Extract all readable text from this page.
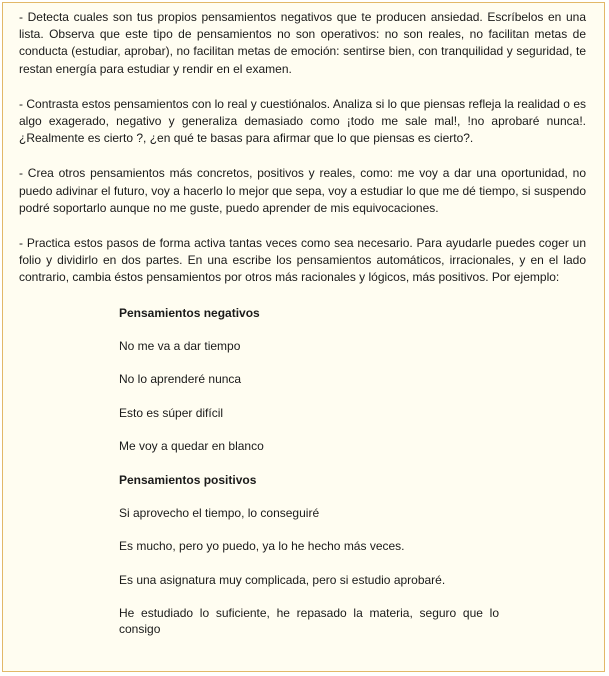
- Detecta cuales son tus propios pensamientos negativos que te producen ansiedad. Escríbelos en una lista. Observa que este tipo de pensamientos no son operativos: no son reales, no facilitan metas de conducta (estudiar, aprobar), no facilitan metas de emoción: sentirse bien, con tranquilidad y seguridad, te restan energía para estudiar y rendir en el examen.

- Contrasta estos pensamientos con lo real y cuestiónalos. Analiza si lo que piensas refleja la realidad o es algo exagerado, negativo y generaliza demasiado como ¡todo me sale mal!, !no aprobaré nunca!. ¿Realmente es cierto ?, ¿en qué te basas para afirmar que lo que piensas es cierto?.

- Crea otros pensamientos más concretos, positivos y reales, como: me voy a dar una oportunidad, no puedo adivinar el futuro, voy a hacerlo lo mejor que sepa, voy a estudiar lo que me dé tiempo, si suspendo podré soportarlo aunque no me guste, puedo aprender de mis equivocaciones.

- Practica estos pasos de forma activa tantas veces como sea necesario. Para ayudarle puedes coger un folio y dividirlo en dos partes. En una escribe los pensamientos automáticos, irracionales, y en el lado contrario, cambia éstos pensamientos por otros más racionales y lógicos, más positivos. Por ejemplo:

Pensamientos negativos
No me va a dar tiempo
No lo aprenderé nunca
Esto es súper difícil
Me voy a quedar en blanco
Pensamientos positivos
Si aprovecho el tiempo, lo conseguiré
Es mucho, pero yo puedo, ya lo he hecho más veces.
Es una asignatura muy complicada, pero si estudio aprobaré.
He estudiado lo suficiente, he repasado la materia, seguro que lo consigo
